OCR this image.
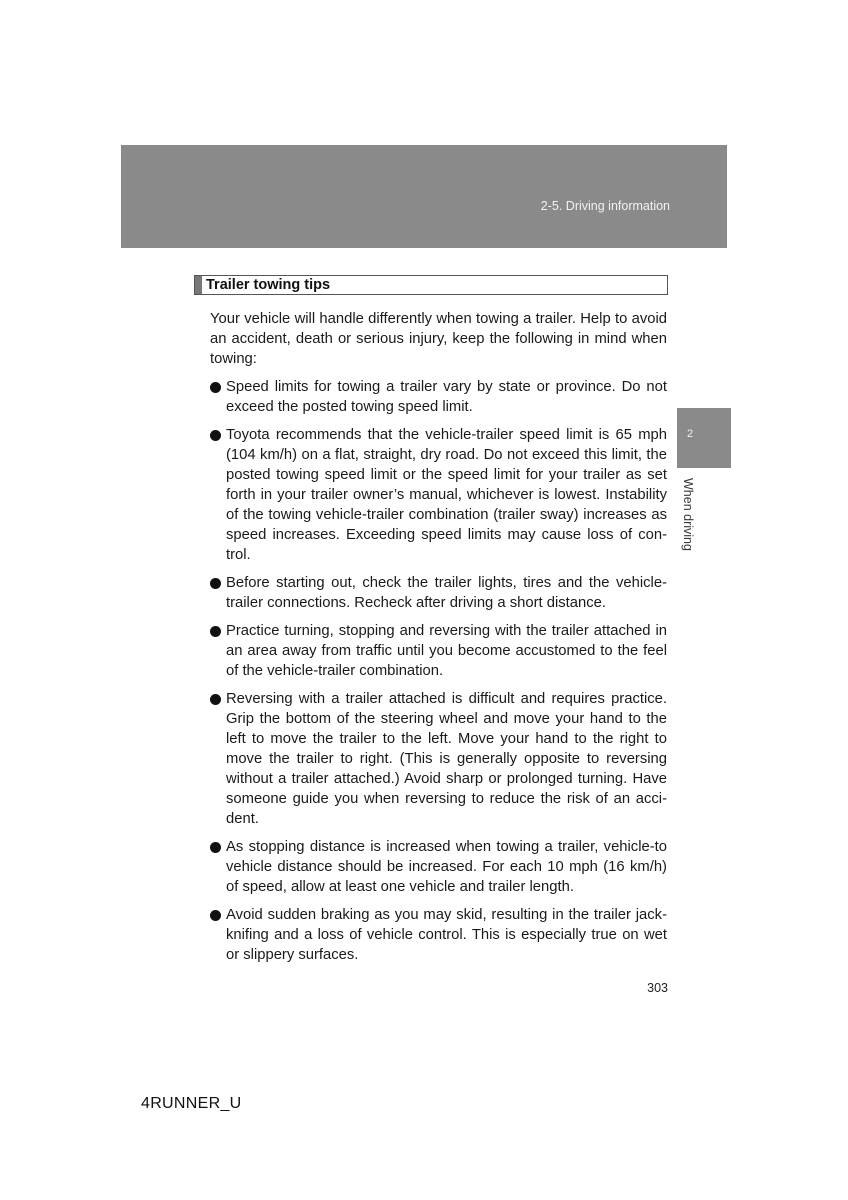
2-5. Driving information
2
When driving
Trailer towing tips

Your vehicle will handle differently when towing a trailer. Help to avoid an accident, death or serious injury, keep the following in mind when towing:

Speed limits for towing a trailer vary by state or province. Do not exceed the posted towing speed limit.
Toyota recommends that the vehicle-trailer speed limit is 65 mph (104 km/h) on a flat, straight, dry road. Do not exceed this limit, the posted towing speed limit or the speed limit for your trailer as set forth in your trailer owner’s manual, whichever is lowest. Instability of the towing vehicle-trailer combination (trailer sway) increases as speed increases. Exceeding speed limits may cause loss of control.
Before starting out, check the trailer lights, tires and the vehicle-trailer connections. Recheck after driving a short distance.
Practice turning, stopping and reversing with the trailer attached in an area away from traffic until you become accustomed to the feel of the vehicle-trailer combination.
Reversing with a trailer attached is difficult and requires practice. Grip the bottom of the steering wheel and move your hand to the left to move the trailer to the left. Move your hand to the right to move the trailer to right. (This is generally opposite to reversing without a trailer attached.) Avoid sharp or prolonged turning. Have someone guide you when reversing to reduce the risk of an accident.
As stopping distance is increased when towing a trailer, vehicle-to vehicle distance should be increased. For each 10 mph (16 km/h) of speed, allow at least one vehicle and trailer length.
Avoid sudden braking as you may skid, resulting in the trailer jackknifing and a loss of vehicle control. This is especially true on wet or slippery surfaces.
303
4RUNNER_U
